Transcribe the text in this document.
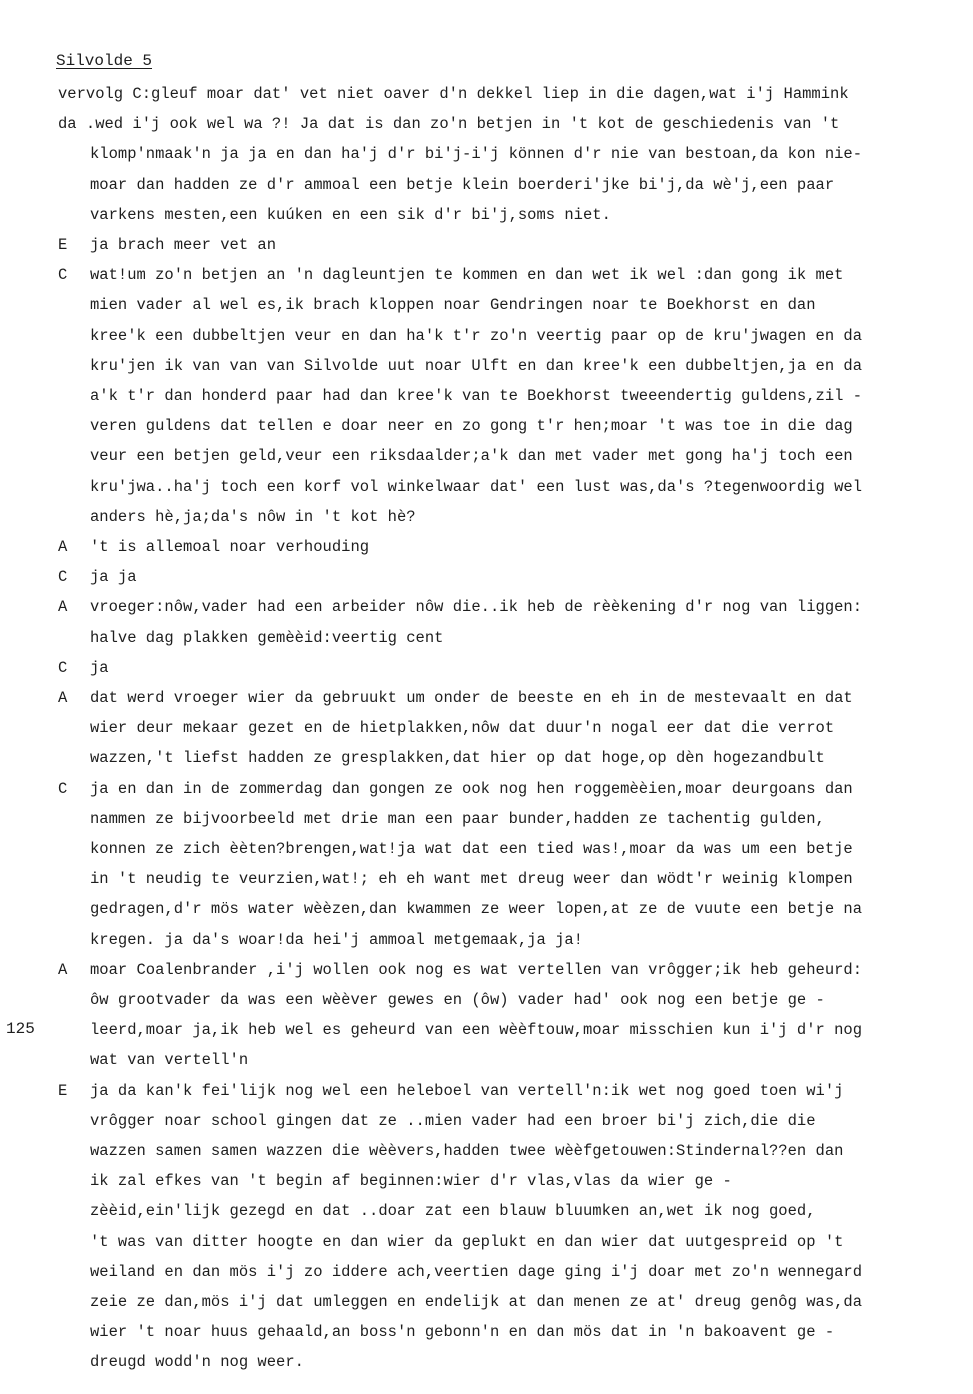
Silvolde 5
125
vervolg C:gleuf moar dat' vet niet oaver d'n dekkel liep in die dagen,wat i'j Hammink
da .wed i'j ook wel wa ?! Ja dat is dan zo'n betjen in 't kot de geschiedenis van 't
klomp'nmaak'n ja ja en dan ha'j d'r bi'j-i'j können d'r nie van bestoan,da kon nie-
moar dan hadden ze d'r ammoal een betje klein boerderi'jke bi'j,da wè'j,een paar
varkens mesten,een kuúken en een sik d'r bi'j,soms niet.
E ja brach meer vet an
C wat!um zo'n betjen an 'n dagleuntjen te kommen en dan wet ik wel :dan gong ik met
mien vader al wel es,ik brach kloppen noar Gendringen noar te Boekhorst en dan
kree'k een dubbeltjen veur en dan ha'k t'r zo'n veertig paar op de kru'jwagen en da
kru'jen ik van van van Silvolde uut noar Ulft en dan kree'k een dubbeltjen,ja en da
a'k t'r dan honderd paar had dan kree'k van te Boekhorst tweeendertig guldens,zil -
veren guldens dat tellen e doar neer en zo gong t'r hen;moar 't was toe in die dag
veur een betjen geld,veur een riksdaalder;a'k dan met vader met gong ha'j toch een
kru'jwa..ha'j toch een korf vol winkelwaar dat' een lust was,da's ?tegenwoordig wel
anders hè,ja;da's nôw in 't kot hè?
A 't is allemoal noar verhouding
C ja ja
A vroeger:nôw,vader had een arbeider nôw die..ik heb de rèèkening d'r nog van liggen:
halve dag plakken gemèèid:veertig cent
C ja
A dat werd vroeger wier da gebruukt um onder de beeste en eh in de mestevaalt en dat
wier deur mekaar gezet en de hietplakken,nôw dat duur'n nogal eer dat die verrot
wazzen,'t liefst hadden ze gresplakken,dat hier op dat hoge,op dèn hogezandbult
C ja en dan in de zommerdag dan gongen ze ook nog hen roggemèèien,moar deurgoans dan
nammen ze bijvoorbeeld met drie man een paar bunder,hadden ze tachentig gulden,
konnen ze zich èèten?brengen,wat!ja wat dat een tied was!,moar da was um een betje
in 't neudig te veurzien,wat!; eh eh want met dreug weer dan wödt'r weinig klompen
gedragen,d'r mös water wèèzen,dan kwammen ze weer lopen,at ze de vuute een betje na
kregen. ja da's woar!da hei'j ammoal metgemaak,ja ja!
A moar Coalenbrander ,i'j wollen ook nog es wat vertellen van vrôgger;ik heb geheurd:
ôw grootvader da was een wèèver gewes en (ôw) vader had' ook nog een betje ge -
leerd,moar ja,ik heb wel es geheurd van een wèèftouw,moar misschien kun i'j d'r nog
wat van vertell'n
E ja da kan'k fei'lijk nog wel een heleboel van vertell'n:ik wet nog goed toen wi'j
vrôgger noar school gingen dat ze ..mien vader had een broer bi'j zich,die die
wazzen samen samen wazzen die wèèvers,hadden twee wèèfgetouwen:Stindernal??en dan
ik zal efkes van 't begin af beginnen:wier d'r vlas,vlas da wier ge -
zèèid,ein'lijk gezegd en dat ..doar zat een blauw bluumken an,wet ik nog goed,
't was van ditter hoogte en dan wier da geplukt en dan wier dat uutgespreid op 't
weiland en dan mös i'j zo iddere ach,veertien dage ging i'j doar met zo'n wennegard
zeie ze dan,mös i'j dat umleggen en endelijk at dan menen ze at' dreug genôg was,da
wier 't noar huus gehaald,an boss'n gebonn'n en dan mös dat in 'n bakoavent ge -
dreugd wodd'n nog weer.
